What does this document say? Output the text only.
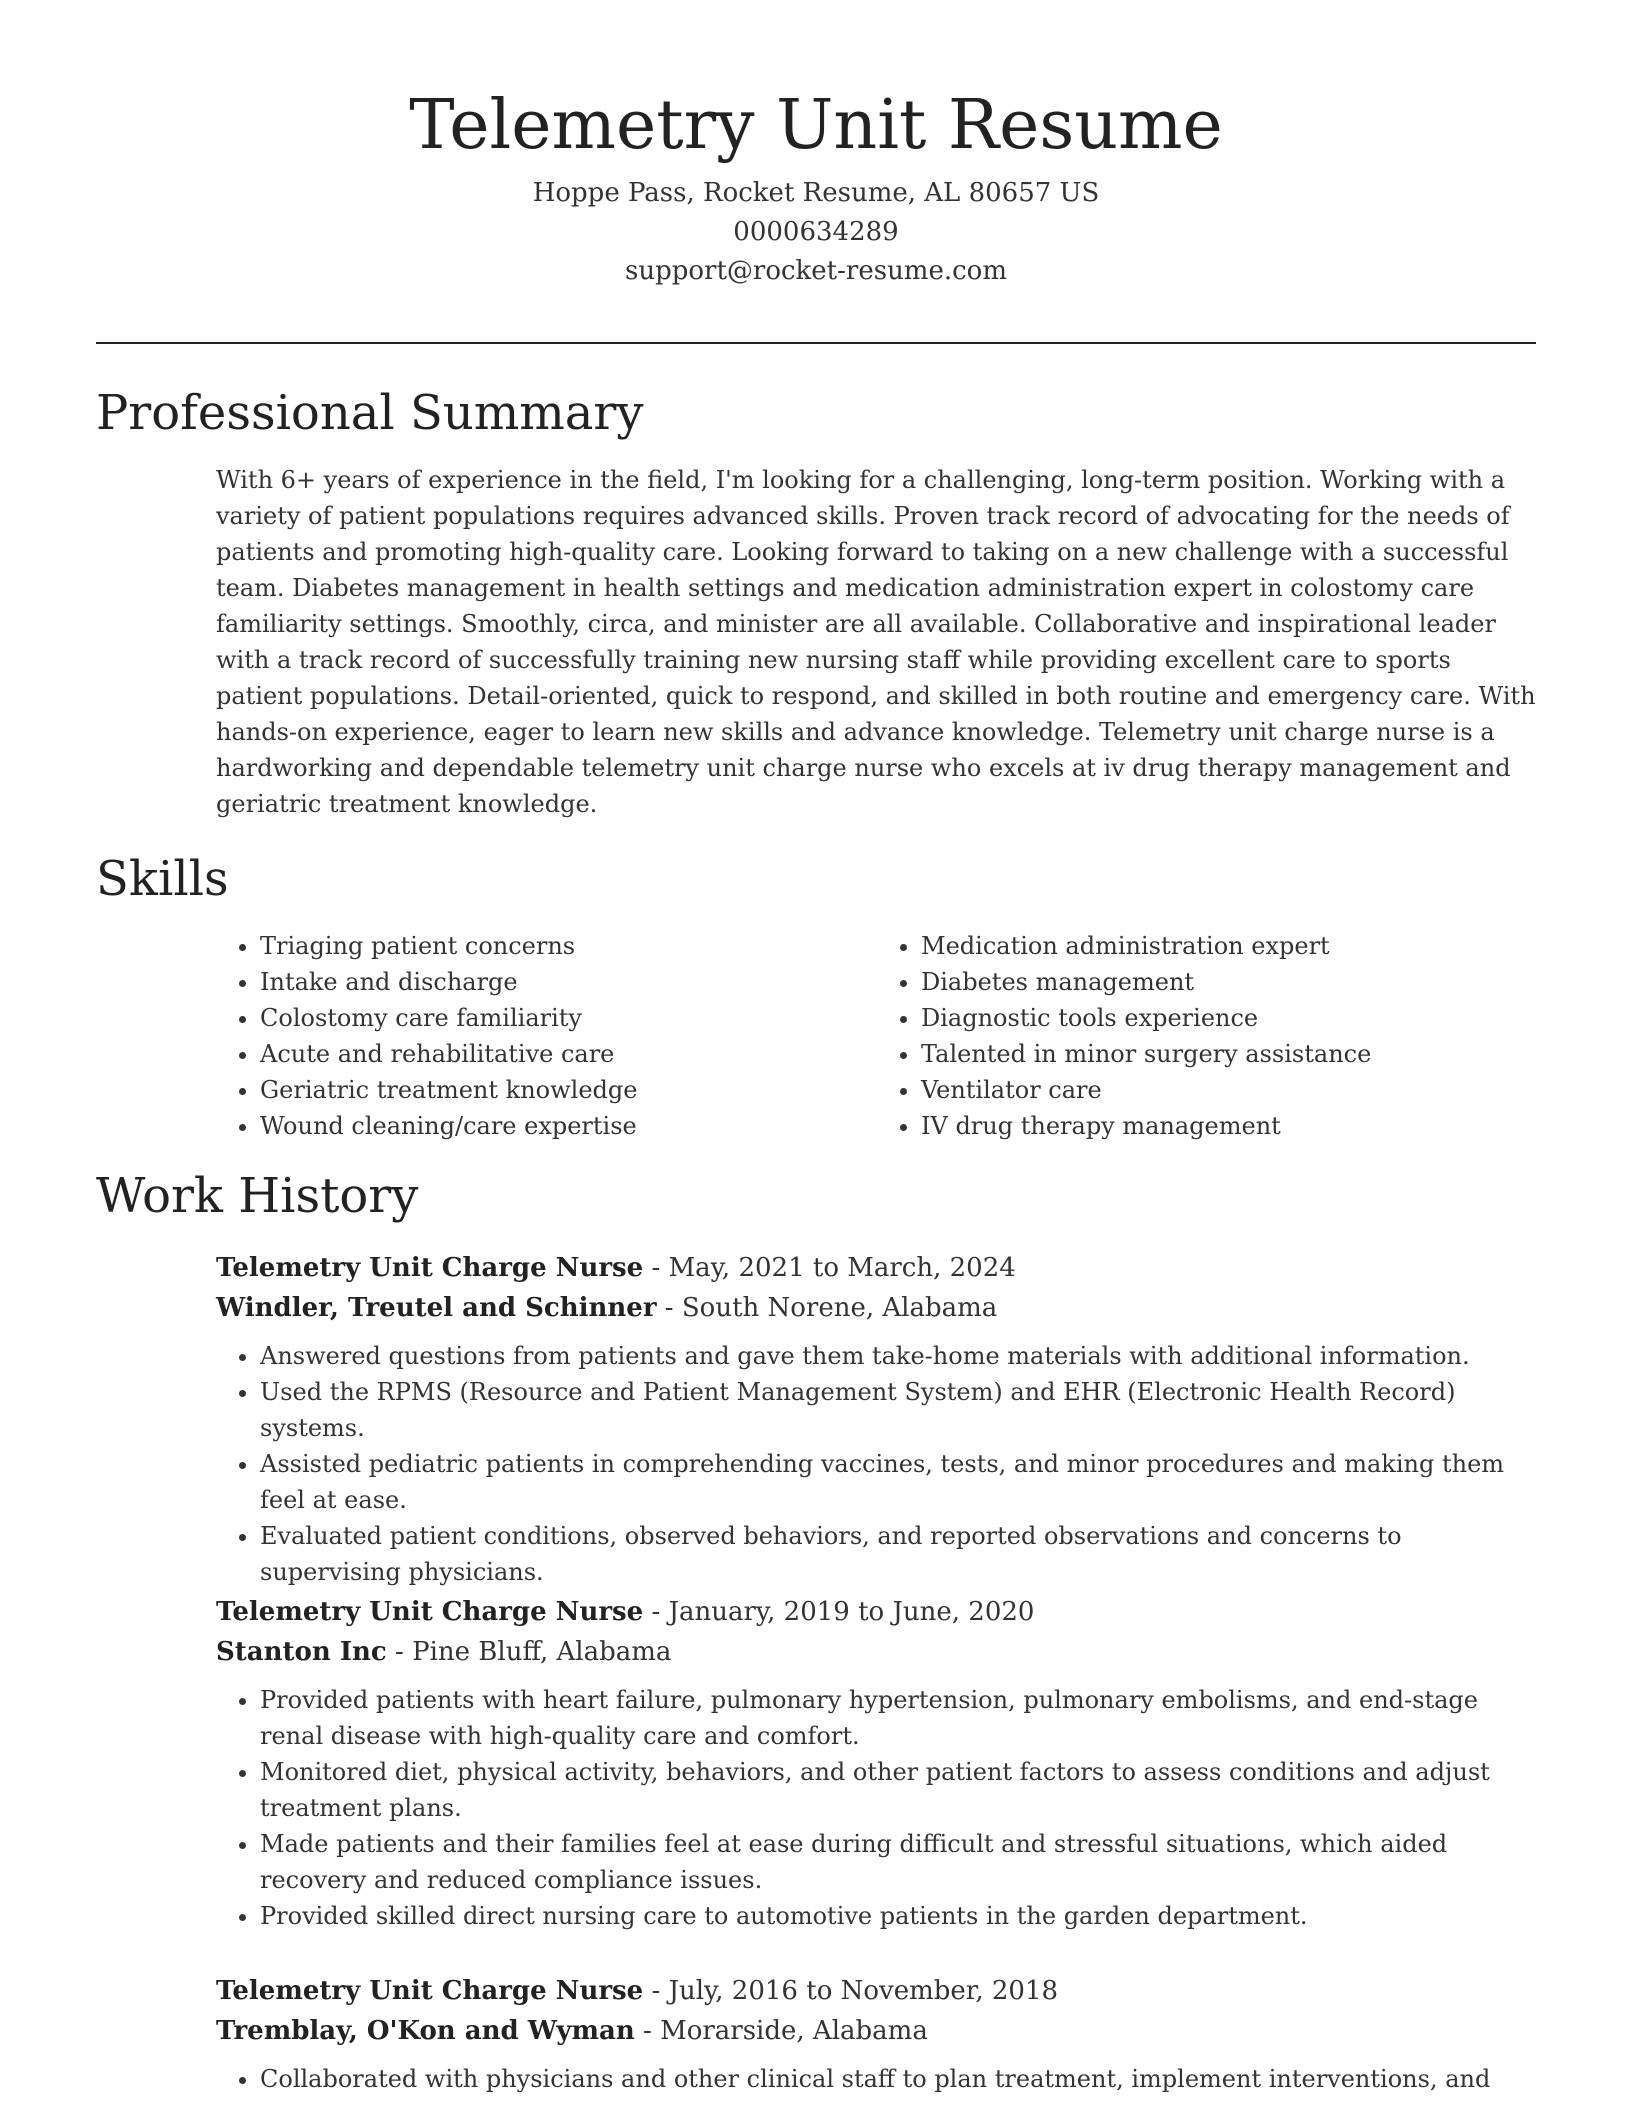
Telemetry Unit Resume
Hoppe Pass, Rocket Resume, AL 80657 US
0000634289
support@rocket-resume.com
Professional Summary

With 6+ years of experience in the field, I'm looking for a challenging, long-term position. Working with a variety of patient populations requires advanced skills. Proven track record of advocating for the needs of patients and promoting high-quality care. Looking forward to taking on a new challenge with a successful team. Diabetes management in health settings and medication administration expert in colostomy care familiarity settings. Smoothly, circa, and minister are all available. Collaborative and inspirational leader with a track record of successfully training new nursing staff while providing excellent care to sports patient populations. Detail-oriented, quick to respond, and skilled in both routine and emergency care. With hands-on experience, eager to learn new skills and advance knowledge. Telemetry unit charge nurse is a hardworking and dependable telemetry unit charge nurse who excels at iv drug therapy management and geriatric treatment knowledge.

Skills
• Triaging patient concerns
• Intake and discharge
• Colostomy care familiarity
• Acute and rehabilitative care
• Geriatric treatment knowledge
• Wound cleaning/care expertise
• Medication administration expert
• Diabetes management
• Diagnostic tools experience
• Talented in minor surgery assistance
• Ventilator care
• IV drug therapy management
Work History
Telemetry Unit Charge Nurse - May, 2021 to March, 2024
Windler, Treutel and Schinner - South Norene, Alabama
• Answered questions from patients and gave them take-home materials with additional information.
• Used the RPMS (Resource and Patient Management System) and EHR (Electronic Health Record) systems.
• Assisted pediatric patients in comprehending vaccines, tests, and minor procedures and making them feel at ease.
• Evaluated patient conditions, observed behaviors, and reported observations and concerns to supervising physicians.
Telemetry Unit Charge Nurse - January, 2019 to June, 2020
Stanton Inc - Pine Bluff, Alabama
• Provided patients with heart failure, pulmonary hypertension, pulmonary embolisms, and end-stage renal disease with high-quality care and comfort.
• Monitored diet, physical activity, behaviors, and other patient factors to assess conditions and adjust treatment plans.
• Made patients and their families feel at ease during difficult and stressful situations, which aided recovery and reduced compliance issues.
• Provided skilled direct nursing care to automotive patients in the garden department.
Telemetry Unit Charge Nurse - July, 2016 to November, 2018
Tremblay, O'Kon and Wyman - Morarside, Alabama
• Collaborated with physicians and other clinical staff to plan treatment, implement interventions, and
